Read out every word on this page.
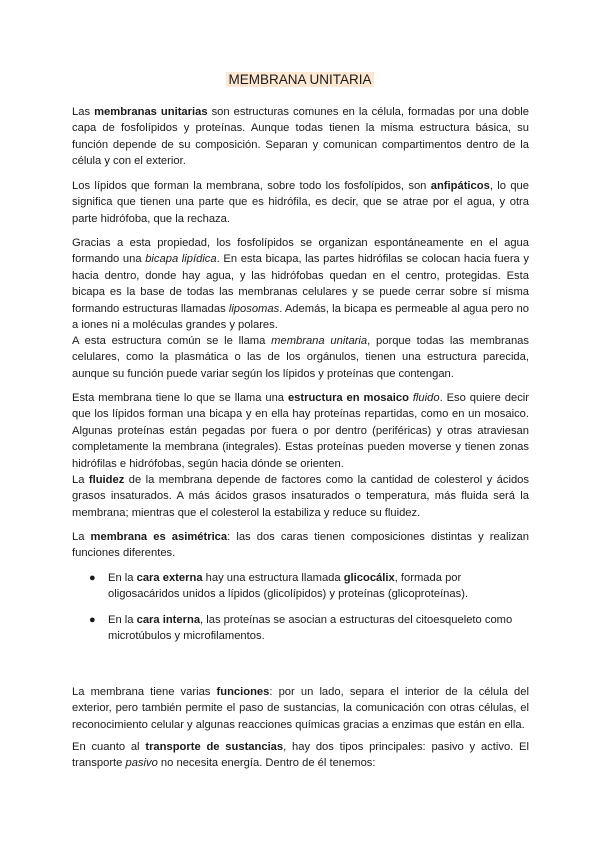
MEMBRANA UNITARIA

Las membranas unitarias son estructuras comunes en la célula, formadas por una doble capa de fosfolípidos y proteínas. Aunque todas tienen la misma estructura básica, su función depende de su composición. Separan y comunican compartimentos dentro de la célula y con el exterior.

Los lípidos que forman la membrana, sobre todo los fosfolípidos, son anfipáticos, lo que significa que tienen una parte que es hidrófila, es decir, que se atrae por el agua, y otra parte hidrófoba, que la rechaza.

Gracias a esta propiedad, los fosfolípidos se organizan espontáneamente en el agua formando una bicapa lipídica. En esta bicapa, las partes hidrófilas se colocan hacia fuera y hacia dentro, donde hay agua, y las hidrófobas quedan en el centro, protegidas. Esta bicapa es la base de todas las membranas celulares y se puede cerrar sobre sí misma formando estructuras llamadas liposomas. Además, la bicapa es permeable al agua pero no a iones ni a moléculas grandes y polares.

A esta estructura común se le llama membrana unitaria, porque todas las membranas celulares, como la plasmática o las de los orgánulos, tienen una estructura parecida, aunque su función puede variar según los lípidos y proteínas que contengan.

Esta membrana tiene lo que se llama una estructura en mosaico fluido. Eso quiere decir que los lípidos forman una bicapa y en ella hay proteínas repartidas, como en un mosaico. Algunas proteínas están pegadas por fuera o por dentro (periféricas) y otras atraviesan completamente la membrana (integrales). Estas proteínas pueden moverse y tienen zonas hidrófilas e hidrófobas, según hacia dónde se orienten.

La fluidez de la membrana depende de factores como la cantidad de colesterol y ácidos grasos insaturados. A más ácidos grasos insaturados o temperatura, más fluida será la membrana; mientras que el colesterol la estabiliza y reduce su fluidez.

La membrana es asimétrica: las dos caras tienen composiciones distintas y realizan funciones diferentes.

● En la cara externa hay una estructura llamada glicocálix, formada por oligosacáridos unidos a lípidos (glicolípidos) y proteínas (glicoproteínas).

● En la cara interna, las proteínas se asocian a estructuras del citoesqueleto como microtúbulos y microfilamentos.

La membrana tiene varias funciones: por un lado, separa el interior de la célula del exterior, pero también permite el paso de sustancias, la comunicación con otras células, el reconocimiento celular y algunas reacciones químicas gracias a enzimas que están en ella.

En cuanto al transporte de sustancias, hay dos tipos principales: pasivo y activo. El transporte pasivo no necesita energía. Dentro de él tenemos:
